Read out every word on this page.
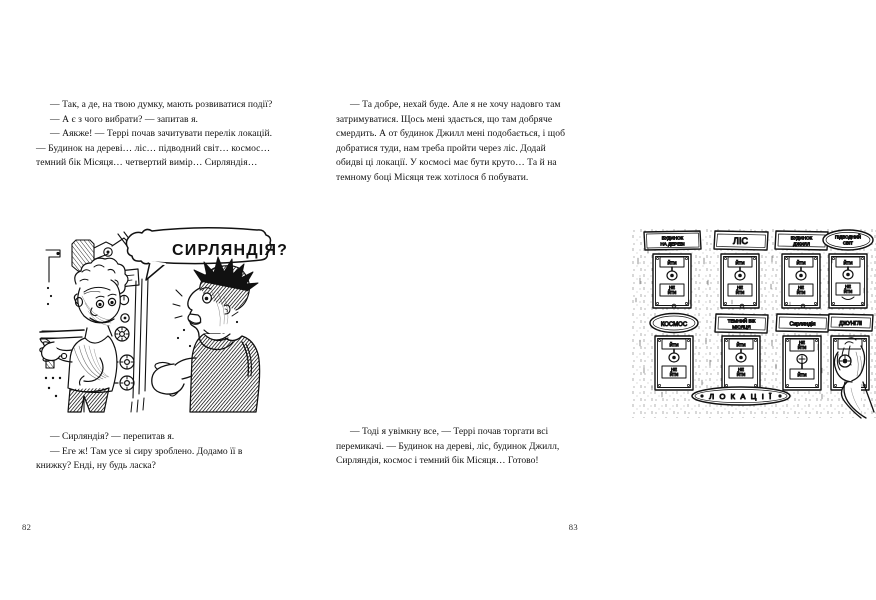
— Так, а де, на твою думку, мають розвиватися події?

— А є з чого вибрати? — запитав я.

— Аякже! — Террі почав зачитувати перелік локацій. — Будинок на дереві… ліс… підводний світ… космос… темний бік Місяця… четвертий вимір… Сирляндія…

СИРЛЯНДІЯ?

— Сирляндія? — перепитав я.

— Еге ж! Там усе зі сиру зроблено. Додамо її в книжку? Енді, ну будь ласка?

82

— Та добре, нехай буде. Але я не хочу надовго там затримуватися. Щось мені здається, що там добряче смердить. А от будинок Джилл мені подобається, і щоб добратися туди, нам треба пройти через ліс. Додай обидві ці локації. У космосі має бути круто… Та й на темному боці Місяця теж хотілося б побувати.

БУДИНОК
НА ДЕРЕВІ
ЙТИ
НЕ
ЙТИ
ЛІС
ЙТИ
НЕ
ЙТИ
БУДИНОК
ДЖИЛЛ
ЙТИ
НЕ
ЙТИ
ПІДВОДНИЙ
СВІТ
ЙТИ
НЕ
ЙТИ
КОСМОС
ЙТИ
НЕ
ЙТИ
ТЕМНИЙ БІК
МІСЯЦЯ
ЙТИ
НЕ
ЙТИ
Сирляндія
НЕ
ЙТИ
ЙТИ
ДЖУНГЛІ
Л О К А Ц І Ї

— Тоді я увімкну все, — Террі почав торгати всі перемикачі. — Будинок на дереві, ліс, будинок Джилл, Сирляндія, космос і темний бік Місяця… Готово!

83
